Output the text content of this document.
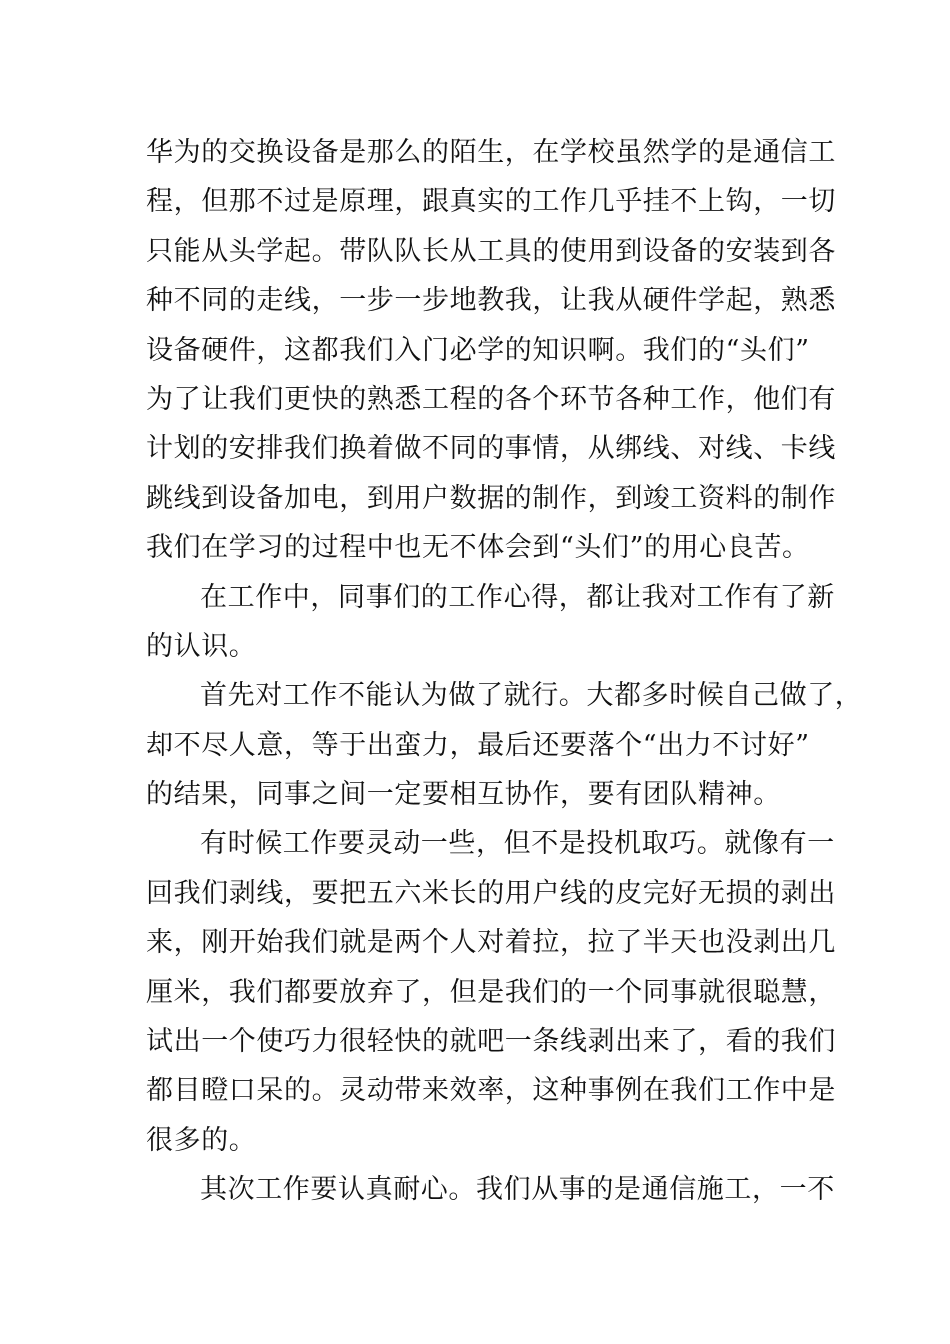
华为的交换设备是那么的陌生，在学校虽然学的是通信工
程，但那不过是原理，跟真实的工作几乎挂不上钩，一切
只能从头学起。带队队长从工具的使用到设备的安装到各
种不同的走线，一步一步地教我，让我从硬件学起，熟悉
设备硬件，这都我们入门必学的知识啊。我们的“头们”
为了让我们更快的熟悉工程的各个环节各种工作，他们有
计划的安排我们换着做不同的事情，从绑线、对线、卡线
跳线到设备加电，到用户数据的制作，到竣工资料的制作
我们在学习的过程中也无不体会到“头们”的用心良苦。
在工作中，同事们的工作心得，都让我对工作有了新
的认识。
首先对工作不能认为做了就行。大都多时候自己做了，
却不尽人意，等于出蛮力，最后还要落个“出力不讨好”
的结果，同事之间一定要相互协作，要有团队精神。
有时候工作要灵动一些，但不是投机取巧。就像有一
回我们剥线，要把五六米长的用户线的皮完好无损的剥出
来，刚开始我们就是两个人对着拉，拉了半天也没剥出几
厘米，我们都要放弃了，但是我们的一个同事就很聪慧，
试出一个使巧力很轻快的就吧一条线剥出来了，看的我们
都目瞪口呆的。灵动带来效率，这种事例在我们工作中是
很多的。
其次工作要认真耐心。我们从事的是通信施工，一不
